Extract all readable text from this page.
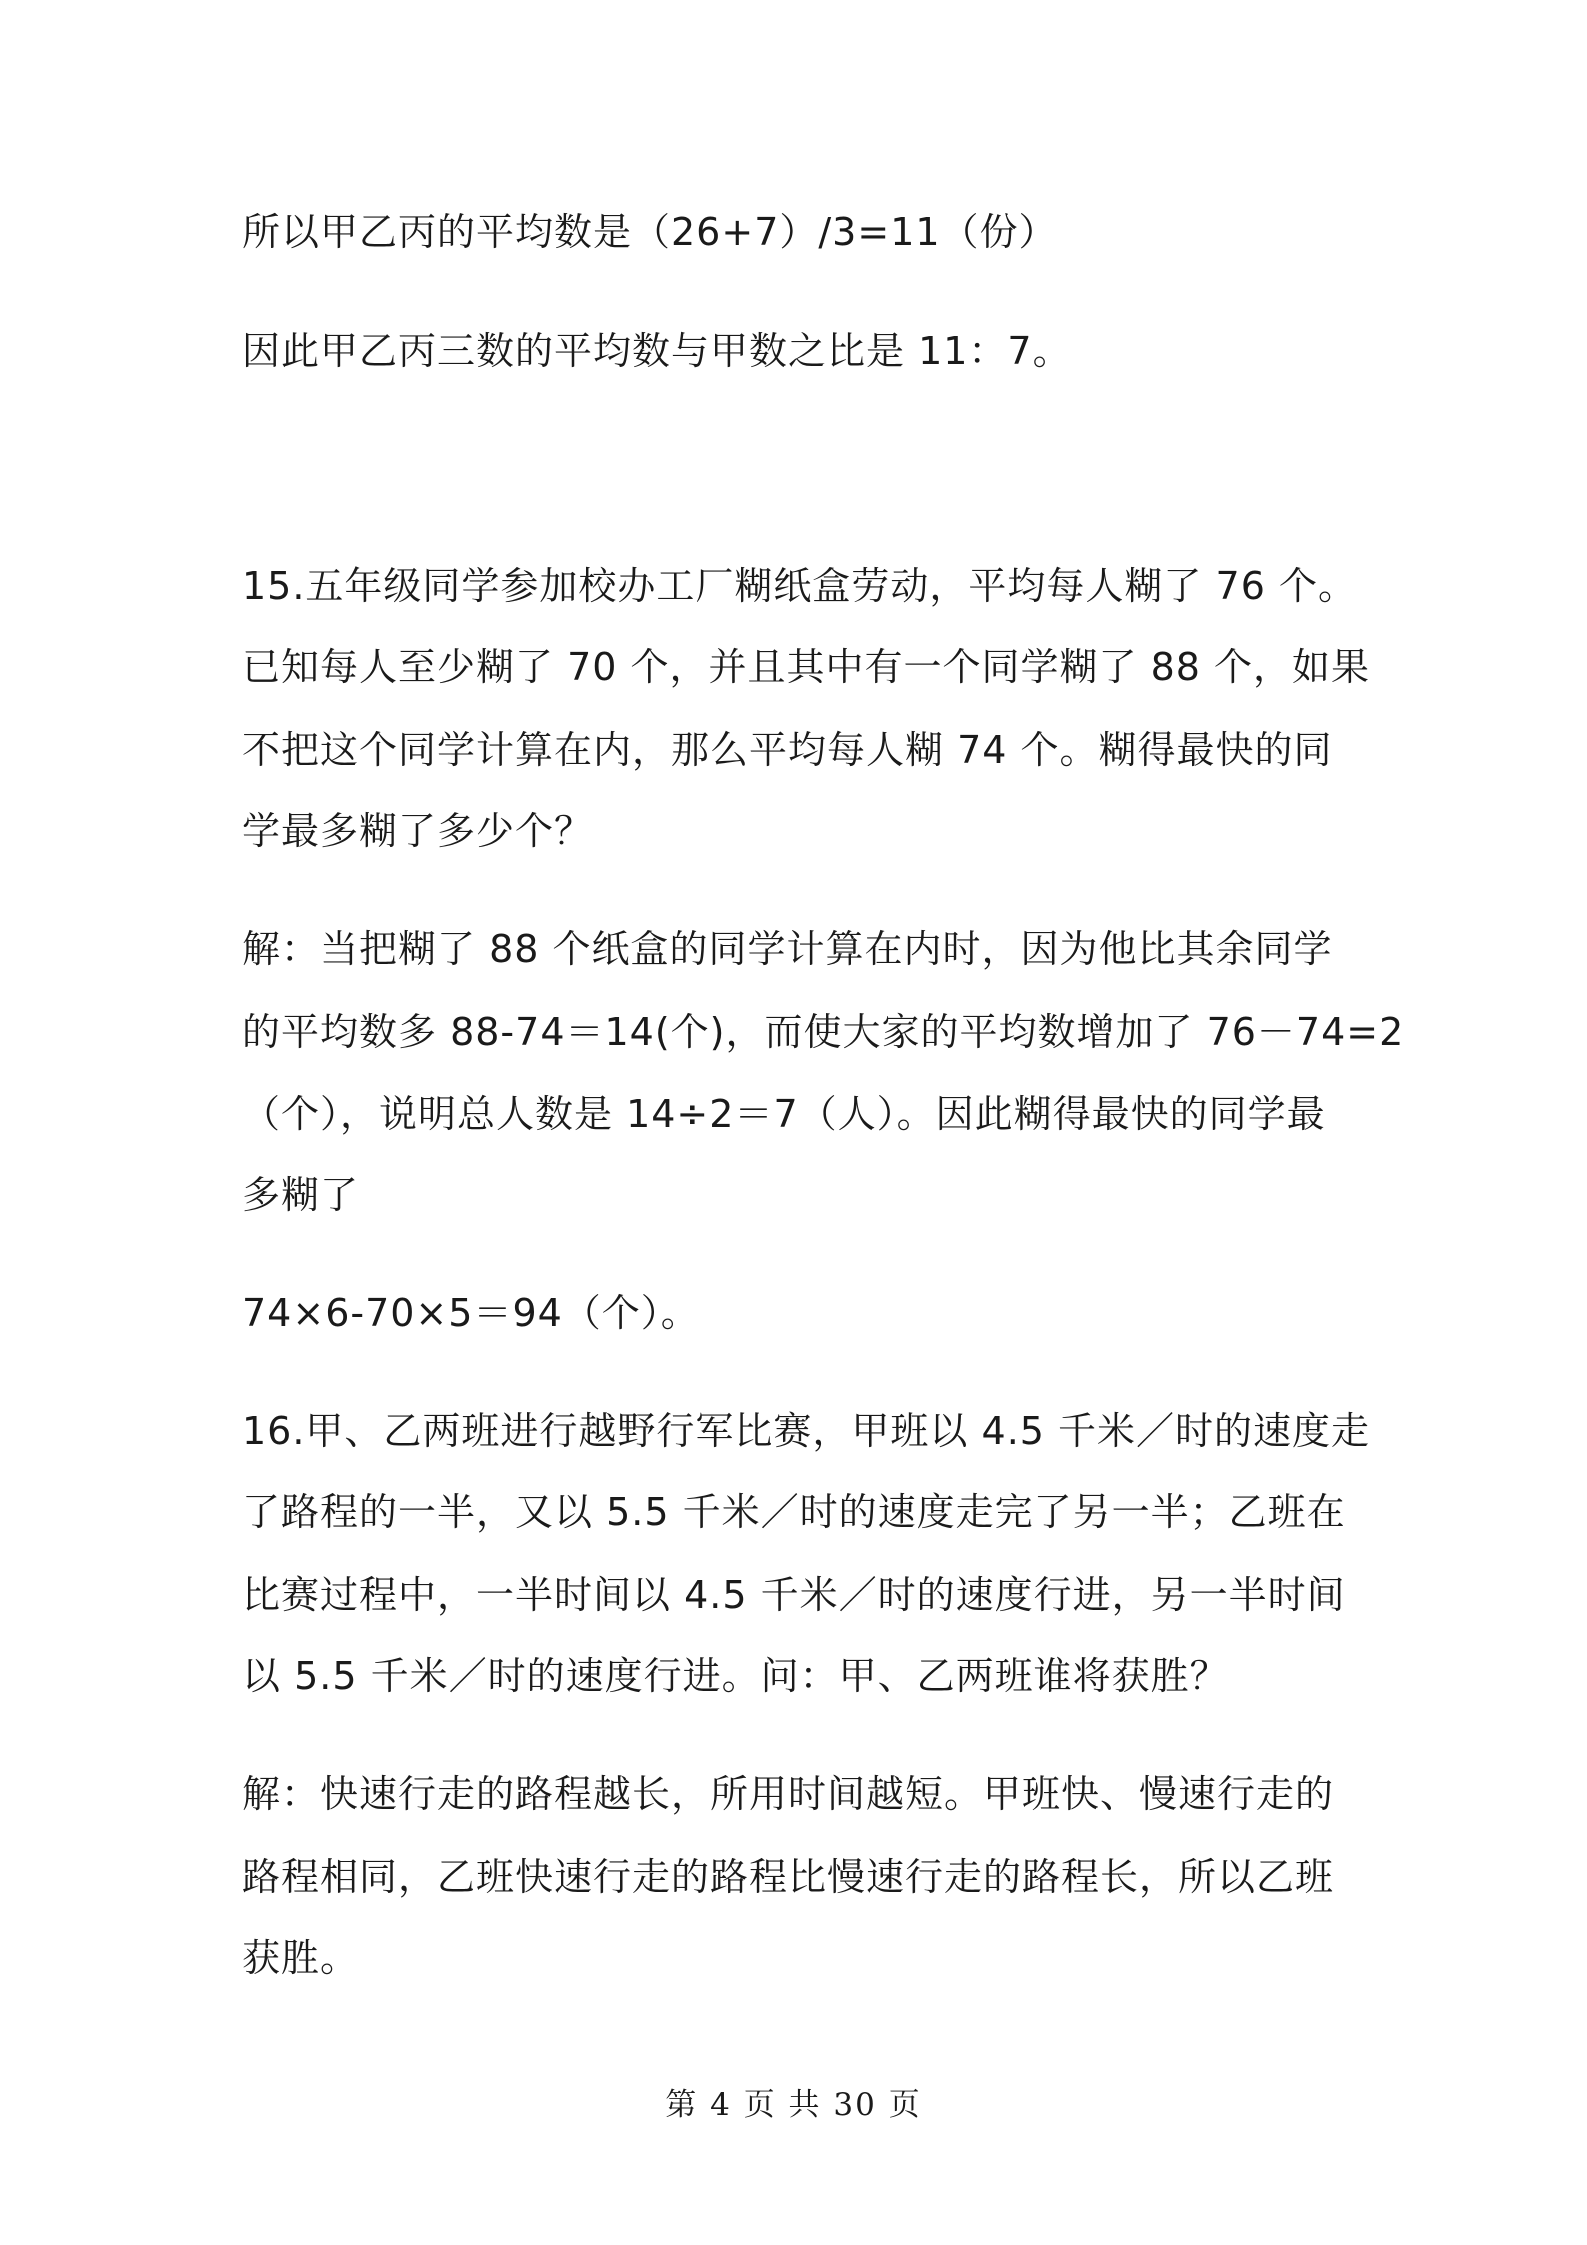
所以甲乙丙的平均数是（26+7）/3=11（份）
因此甲乙丙三数的平均数与甲数之比是 11：7。
15.五年级同学参加校办工厂糊纸盒劳动，平均每人糊了 76 个。
已知每人至少糊了 70 个，并且其中有一个同学糊了 88 个，如果
不把这个同学计算在内，那么平均每人糊 74 个。糊得最快的同
学最多糊了多少个？
解：当把糊了 88 个纸盒的同学计算在内时，因为他比其余同学
的平均数多 88-74＝14(个)，而使大家的平均数增加了 76－74=2
（个），说明总人数是 14÷2＝7（人）。因此糊得最快的同学最
多糊了
74×6-70×5＝94（个）。
16.甲、乙两班进行越野行军比赛，甲班以 4.5 千米／时的速度走
了路程的一半，又以 5.5 千米／时的速度走完了另一半；乙班在
比赛过程中，一半时间以 4.5 千米／时的速度行进，另一半时间
以 5.5 千米／时的速度行进。问：甲、乙两班谁将获胜？
解：快速行走的路程越长，所用时间越短。甲班快、慢速行走的
路程相同，乙班快速行走的路程比慢速行走的路程长，所以乙班
获胜。
第 4 页 共 30 页
